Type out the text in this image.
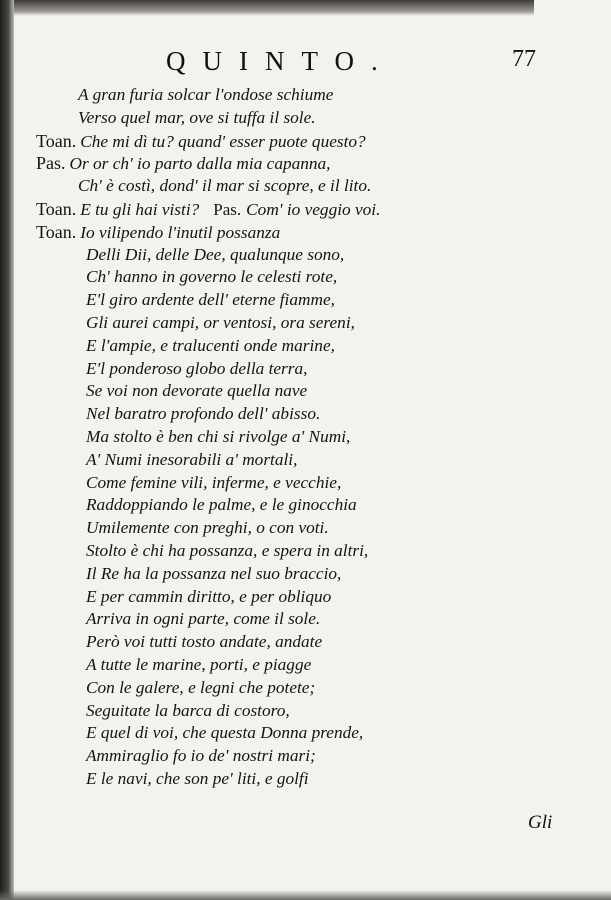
QUINTO.	77
A gran furia solcar l'ondose schiume
Verso quel mar, ove si tuffa il sole.
Toan. Che mi dì tu? quand' esser puote questo?
Pas. Or or ch' io parto dalla mia capanna,
Ch' è costì, dond' il mar si scopre, e il lito.
Toan. E tu gli hai visti? Pas. Com' io veggio voi.
Toan. Io vilipendo l'inutil possanza
Delli Dii, delle Dee, qualunque sono,
Ch' hanno in governo le celesti rote,
E'l giro ardente dell' eterne fiamme,
Gli aurei campi, or ventosi, ora sereni,
E l'ampie, e tralucenti onde marine,
E'l ponderoso globo della terra,
Se voi non devorate quella nave
Nel baratro profondo dell' abisso.
Ma stolto è ben chi si rivolge a' Numi,
A' Numi inesorabili a' mortali,
Come femine vili, inferme, e vecchie,
Raddoppiando le palme, e le ginocchia
Umilemente con preghi, o con voti.
Stolto è chi ha possanza, e spera in altri,
Il Re ha la possanza nel suo braccio,
E per cammin diritto, e per obliquo
Arriva in ogni parte, come il sole.
Però voi tutti tosto andate, andate
A tutte le marine, porti, e piagge
Con le galere, e legni che potete;
Seguitate la barca di costoro,
E quel di voi, che questa Donna prende,
Ammiraglio fo io de' nostri mari;
E le navi, che son pe' liti, e golfi
Gli
